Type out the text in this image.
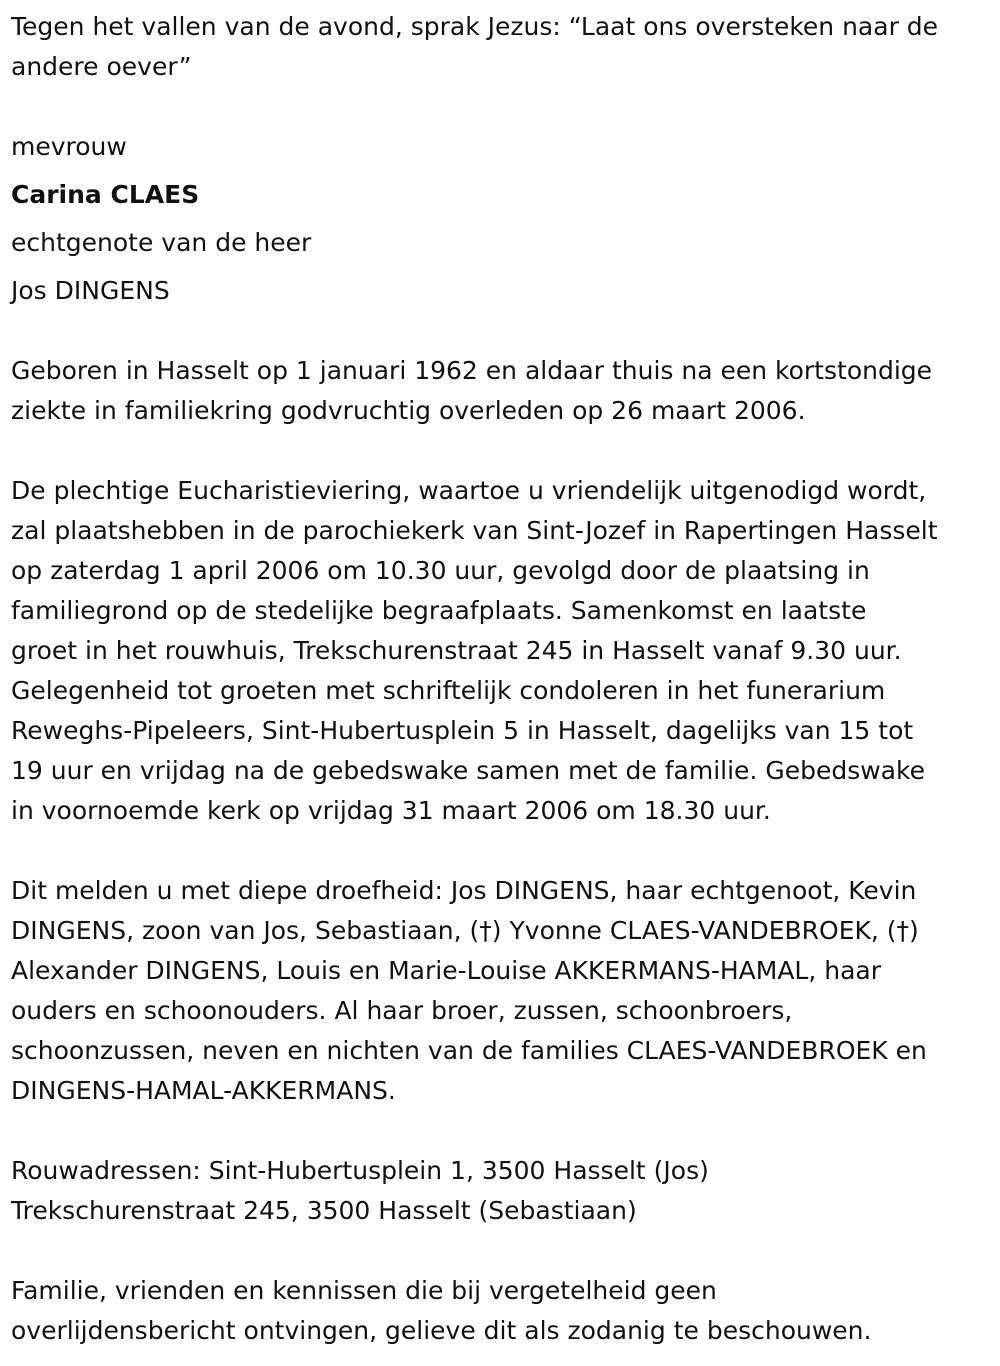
Tegen het vallen van de avond, sprak Jezus: “Laat ons oversteken naar de
andere oever”

mevrouw

Carina CLAES

echtgenote van de heer

Jos DINGENS

Geboren in Hasselt op 1 januari 1962 en aldaar thuis na een kortstondige
ziekte in familiekring godvruchtig overleden op 26 maart 2006.

De plechtige Eucharistieviering, waartoe u vriendelijk uitgenodigd wordt,
zal plaatshebben in de parochiekerk van Sint-Jozef in Rapertingen Hasselt
op zaterdag 1 april 2006 om 10.30 uur, gevolgd door de plaatsing in
familiegrond op de stedelijke begraafplaats. Samenkomst en laatste
groet in het rouwhuis, Trekschurenstraat 245 in Hasselt vanaf 9.30 uur.
Gelegenheid tot groeten met schriftelijk condoleren in het funerarium
Reweghs-Pipeleers, Sint-Hubertusplein 5 in Hasselt, dagelijks van 15 tot
19 uur en vrijdag na de gebedswake samen met de familie. Gebedswake
in voornoemde kerk op vrijdag 31 maart 2006 om 18.30 uur.

Dit melden u met diepe droefheid: Jos DINGENS, haar echtgenoot, Kevin
DINGENS, zoon van Jos, Sebastiaan, (†) Yvonne CLAES-VANDEBROEK, (†)
Alexander DINGENS, Louis en Marie-Louise AKKERMANS-HAMAL, haar
ouders en schoonouders. Al haar broer, zussen, schoonbroers,
schoonzussen, neven en nichten van de families CLAES-VANDEBROEK en
DINGENS-HAMAL-AKKERMANS.

Rouwadressen: Sint-Hubertusplein 1, 3500 Hasselt (Jos)
Trekschurenstraat 245, 3500 Hasselt (Sebastiaan)

Familie, vrienden en kennissen die bij vergetelheid geen
overlijdensbericht ontvingen, gelieve dit als zodanig te beschouwen.
